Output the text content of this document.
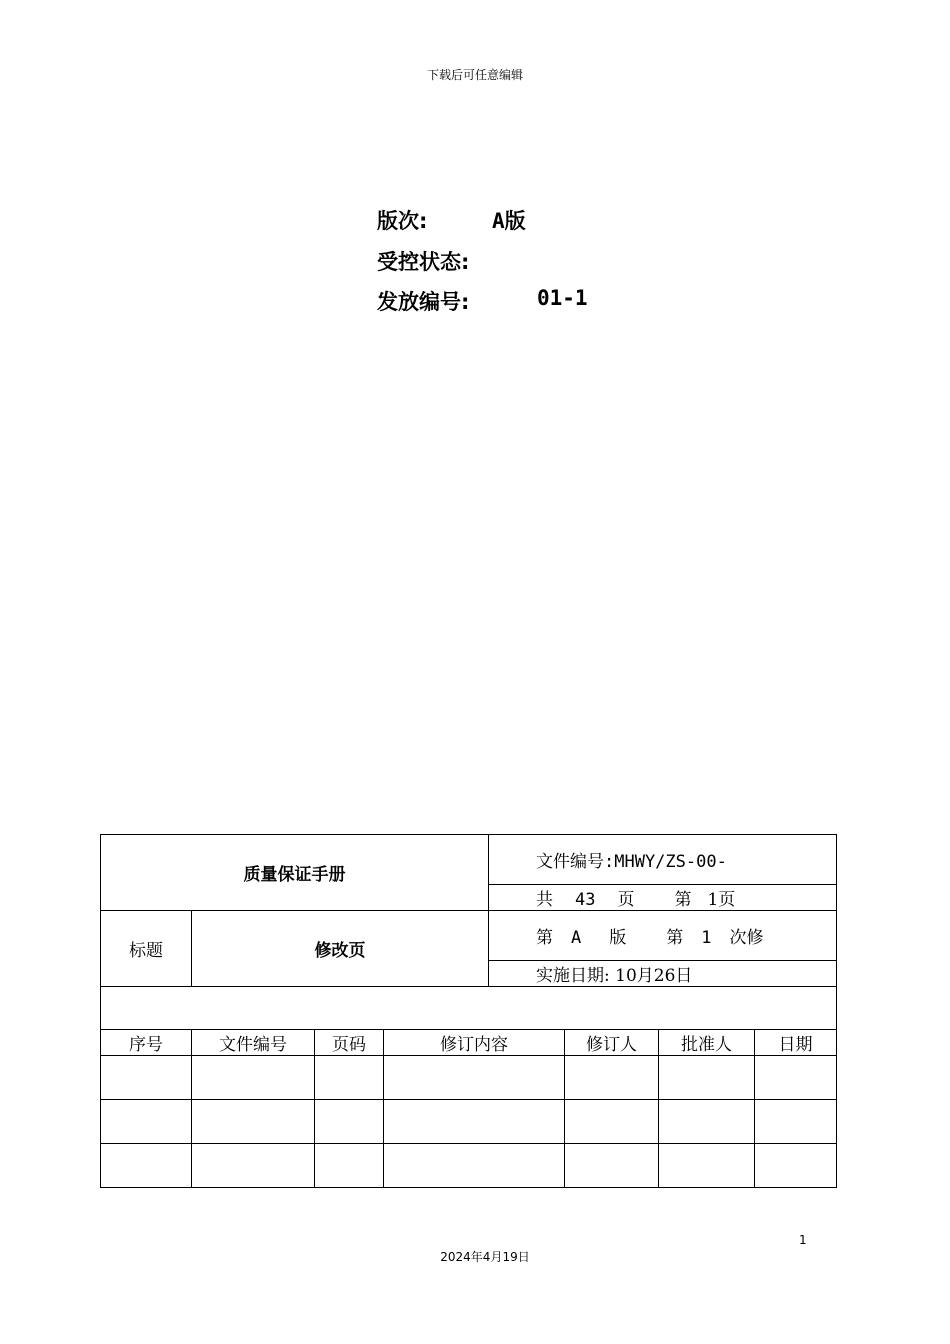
下载后可任意编辑
版次:	A版
受控状态:
发放编号:	01-1
质量保证手册				文件编号:MHWY/ZS-00-			
				共 43 页 第 1页			
标题	修改页			第 A 版 第 1 次修			
				实施日期: 10月26日			

序号	文件编号	页码	修订内容		修订人	批准人	日期

1
2024年4月19日
